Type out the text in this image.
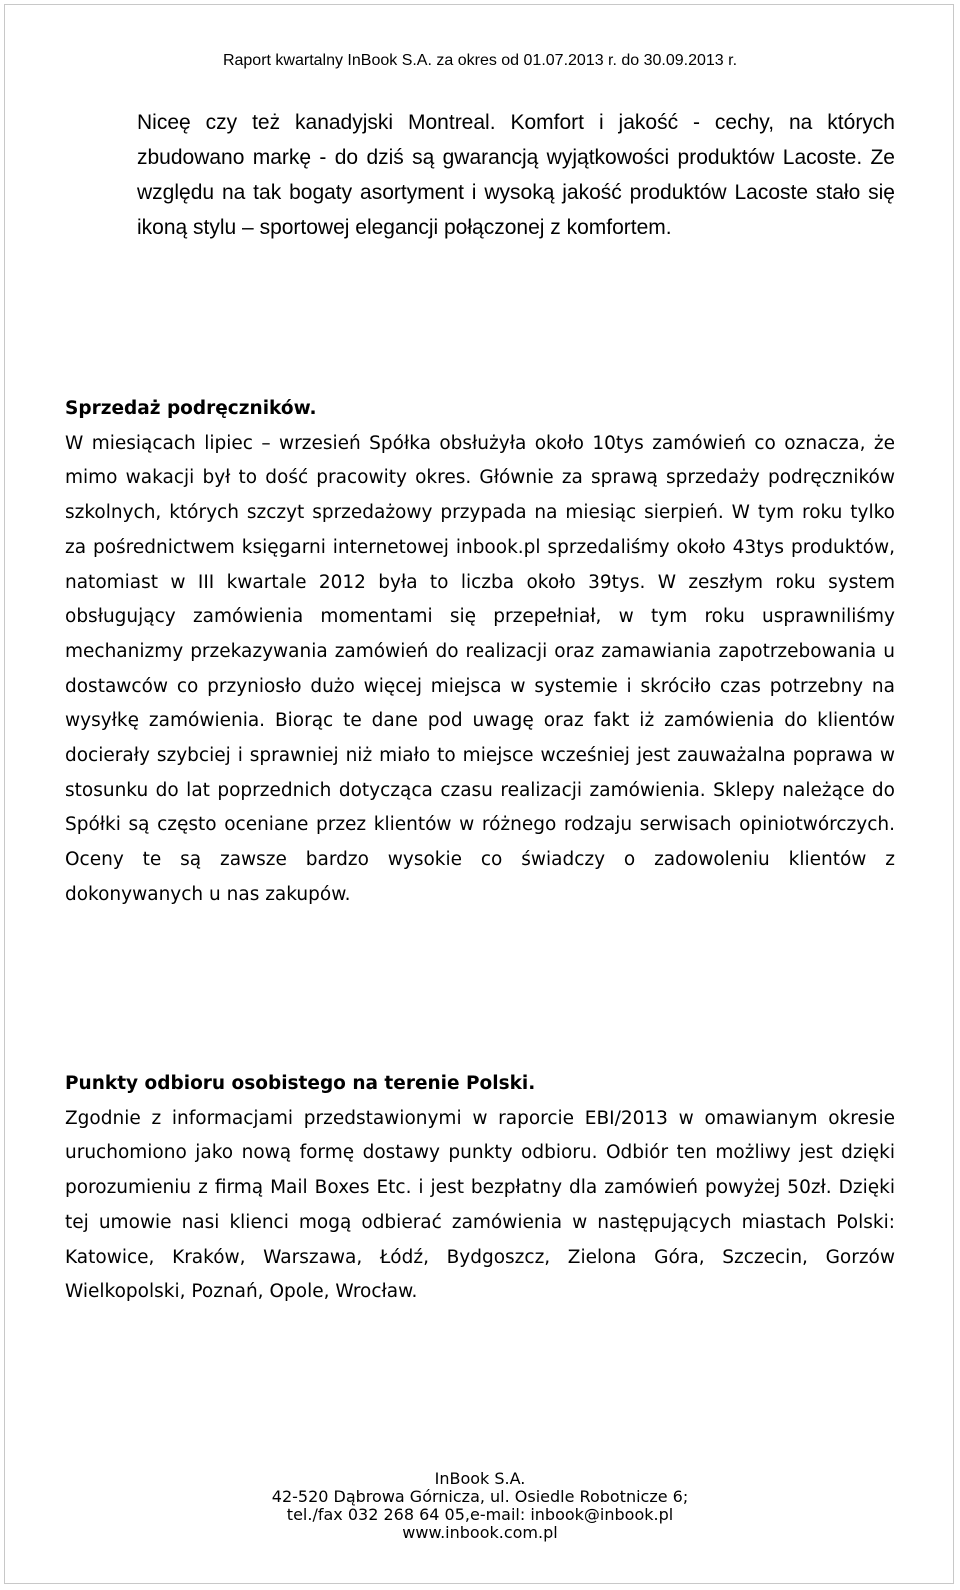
Raport kwartalny InBook S.A. za okres od 01.07.2013 r. do 30.09.2013 r.

Niceę czy też kanadyjski Montreal. Komfort i jakość - cechy, na których zbudowano markę - do dziś są gwarancją wyjątkowości produktów Lacoste. Ze względu na tak bogaty asortyment i wysoką jakość produktów Lacoste stało się ikoną stylu – sportowej elegancji połączonej z komfortem.

Sprzedaż podręczników.

W miesiącach lipiec – wrzesień Spółka obsłużyła około 10tys zamówień co oznacza, że mimo wakacji był to dość pracowity okres. Głównie za sprawą sprzedaży podręczników szkolnych, których szczyt sprzedażowy przypada na miesiąc sierpień. W tym roku tylko za pośrednictwem księgarni internetowej inbook.pl sprzedaliśmy około 43tys produktów, natomiast w III kwartale 2012 była to liczba około 39tys. W zeszłym roku system obsługujący zamówienia momentami się przepełniał, w tym roku usprawniliśmy mechanizmy przekazywania zamówień do realizacji oraz zamawiania zapotrzebowania u dostawców co przyniosło dużo więcej miejsca w systemie i skróciło czas potrzebny na wysyłkę zamówienia. Biorąc te dane pod uwagę oraz fakt iż zamówienia do klientów docierały szybciej i sprawniej niż miało to miejsce wcześniej jest zauważalna poprawa w stosunku do lat poprzednich dotycząca czasu realizacji zamówienia. Sklepy należące do Spółki są często oceniane przez klientów w różnego rodzaju serwisach opiniotwórczych. Oceny te są zawsze bardzo wysokie co świadczy o zadowoleniu klientów z dokonywanych u nas zakupów.

Punkty odbioru osobistego na terenie Polski.

Zgodnie z informacjami przedstawionymi w raporcie EBI/2013 w omawianym okresie uruchomiono jako nową formę dostawy punkty odbioru. Odbiór ten możliwy jest dzięki porozumieniu z firmą Mail Boxes Etc. i jest bezpłatny dla zamówień powyżej 50zł. Dzięki tej umowie nasi klienci mogą odbierać zamówienia w następujących miastach Polski: Katowice, Kraków, Warszawa, Łódź, Bydgoszcz, Zielona Góra, Szczecin, Gorzów Wielkopolski, Poznań, Opole, Wrocław.

InBook S.A.
42-520 Dąbrowa Górnicza, ul. Osiedle Robotnicze 6;
tel./fax 032 268 64 05,e-mail: inbook@inbook.pl
www.inbook.com.pl
